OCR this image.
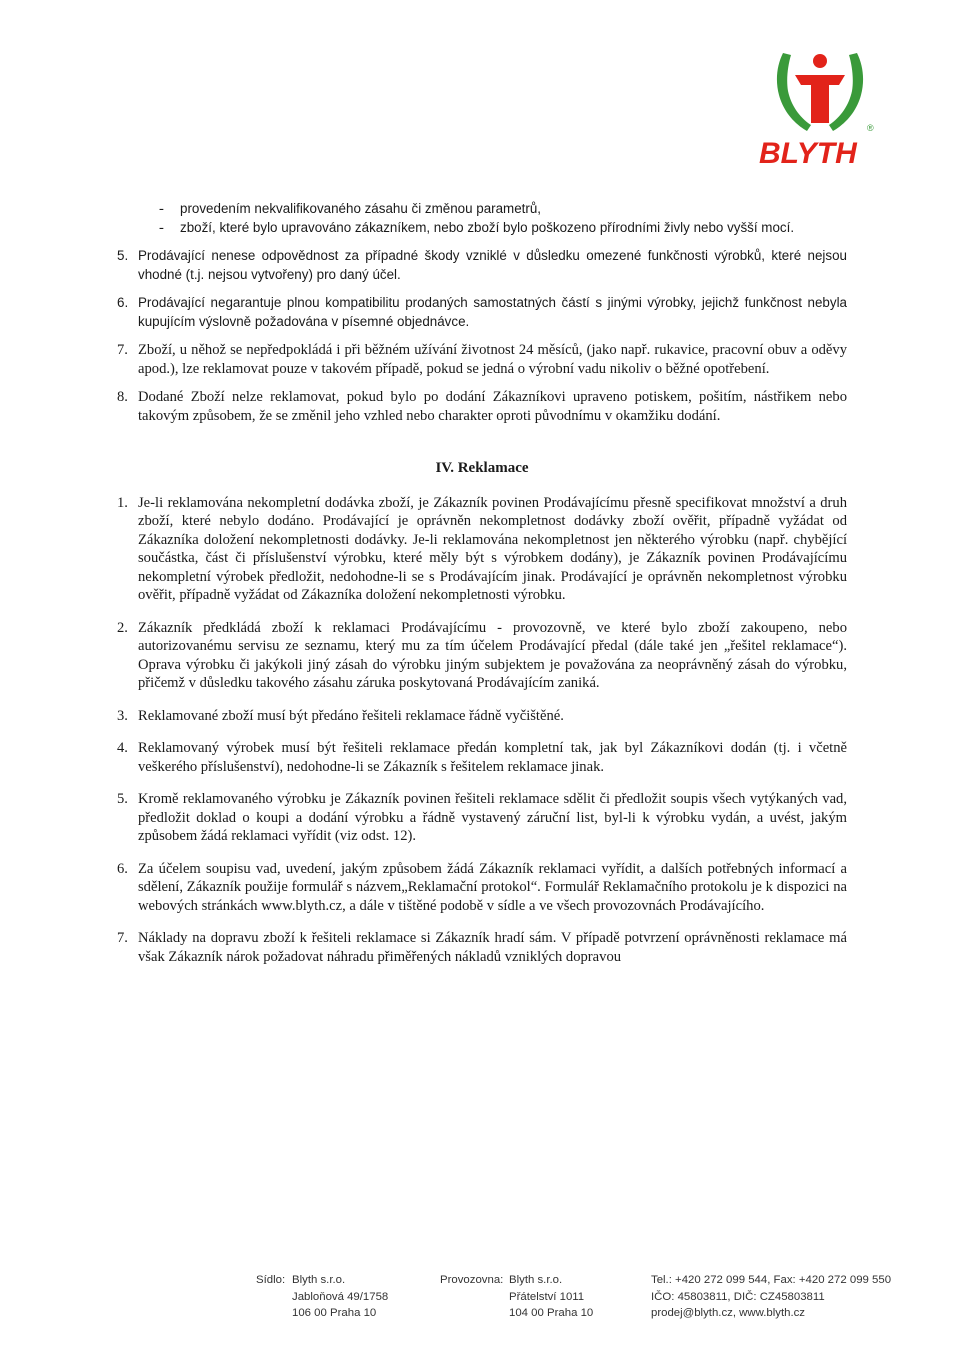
®
BLYTH
-	provedením nekvalifikovaného zásahu či změnou parametrů,
-	zboží, které bylo upravováno zákazníkem, nebo zboží bylo poškozeno přírodními živly nebo vyšší mocí.
5. Prodávající nenese odpovědnost za případné škody vzniklé v důsledku omezené funkčnosti výrobků, které nejsou vhodné (t.j. nejsou vytvořeny) pro daný účel.
6. Prodávající negarantuje plnou kompatibilitu prodaných samostatných částí s jinými výrobky, jejichž funkčnost nebyla kupujícím výslovně požadována v písemné objednávce.
7. Zboží, u něhož se nepředpokládá i při běžném užívání životnost 24 měsíců, (jako např. rukavice, pracovní obuv a oděvy apod.), lze reklamovat pouze v takovém případě, pokud se jedná o výrobní vadu nikoliv o běžné opotřebení.
8. Dodané Zboží nelze reklamovat, pokud bylo po dodání Zákazníkovi upraveno potiskem, pošitím, nástřikem nebo takovým způsobem, že se změnil jeho vzhled nebo charakter oproti původnímu v okamžiku dodání.
IV. Reklamace
1. Je-li reklamována nekompletní dodávka zboží, je Zákazník povinen Prodávajícímu přesně specifikovat množství a druh zboží, které nebylo dodáno. Prodávající je oprávněn nekompletnost dodávky zboží ověřit, případně vyžádat od Zákazníka doložení nekompletnosti dodávky. Je-li reklamována nekompletnost jen některého výrobku (např. chybějící součástka, část či příslušenství výrobku, které měly být s výrobkem dodány), je Zákazník povinen Prodávajícímu nekompletní výrobek předložit, nedohodne-li se s Prodávajícím jinak. Prodávající je oprávněn nekompletnost výrobku ověřit, případně vyžádat od Zákazníka doložení nekompletnosti výrobku.
2. Zákazník předkládá zboží k reklamaci Prodávajícímu - provozovně, ve které bylo zboží zakoupeno, nebo autorizovanému servisu ze seznamu, který mu za tím účelem Prodávající předal (dále také jen „řešitel reklamace“). Oprava výrobku či jakýkoli jiný zásah do výrobku jiným subjektem je považována za neoprávněný zásah do výrobku, přičemž v důsledku takového zásahu záruka poskytovaná Prodávajícím zaniká.
3. Reklamované zboží musí být předáno řešiteli reklamace řádně vyčištěné.
4. Reklamovaný výrobek musí být řešiteli reklamace předán kompletní tak, jak byl Zákazníkovi dodán (tj. i včetně veškerého příslušenství), nedohodne-li se Zákazník s řešitelem reklamace jinak.
5. Kromě reklamovaného výrobku je Zákazník povinen řešiteli reklamace sdělit či předložit soupis všech vytýkaných vad, předložit doklad o koupi a dodání výrobku a řádně vystavený záruční list, byl-li k výrobku vydán, a uvést, jakým způsobem žádá reklamaci vyřídit (viz odst. 12).
6. Za účelem soupisu vad, uvedení, jakým způsobem žádá Zákazník reklamaci vyřídit, a dalších potřebných informací a sdělení, Zákazník použije formulář s názvem„Reklamační protokol“. Formulář Reklamačního protokolu je k dispozici na webových stránkách www.blyth.cz, a dále v tištěné podobě v sídle a ve všech provozovnách Prodávajícího.
7. Náklady na dopravu zboží k řešiteli reklamace si Zákazník hradí sám. V případě potvrzení oprávněnosti reklamace má však Zákazník nárok požadovat náhradu přiměřených nákladů vzniklých dopravou
Sídlo: Blyth s.r.o.
Jabloňová 49/1758
106 00 Praha 10
Provozovna: Blyth s.r.o.
Přátelství 1011
104 00 Praha 10
Tel.: +420 272 099 544, Fax: +420 272 099 550
IČO: 45803811, DIČ: CZ45803811
prodej@blyth.cz, www.blyth.cz
